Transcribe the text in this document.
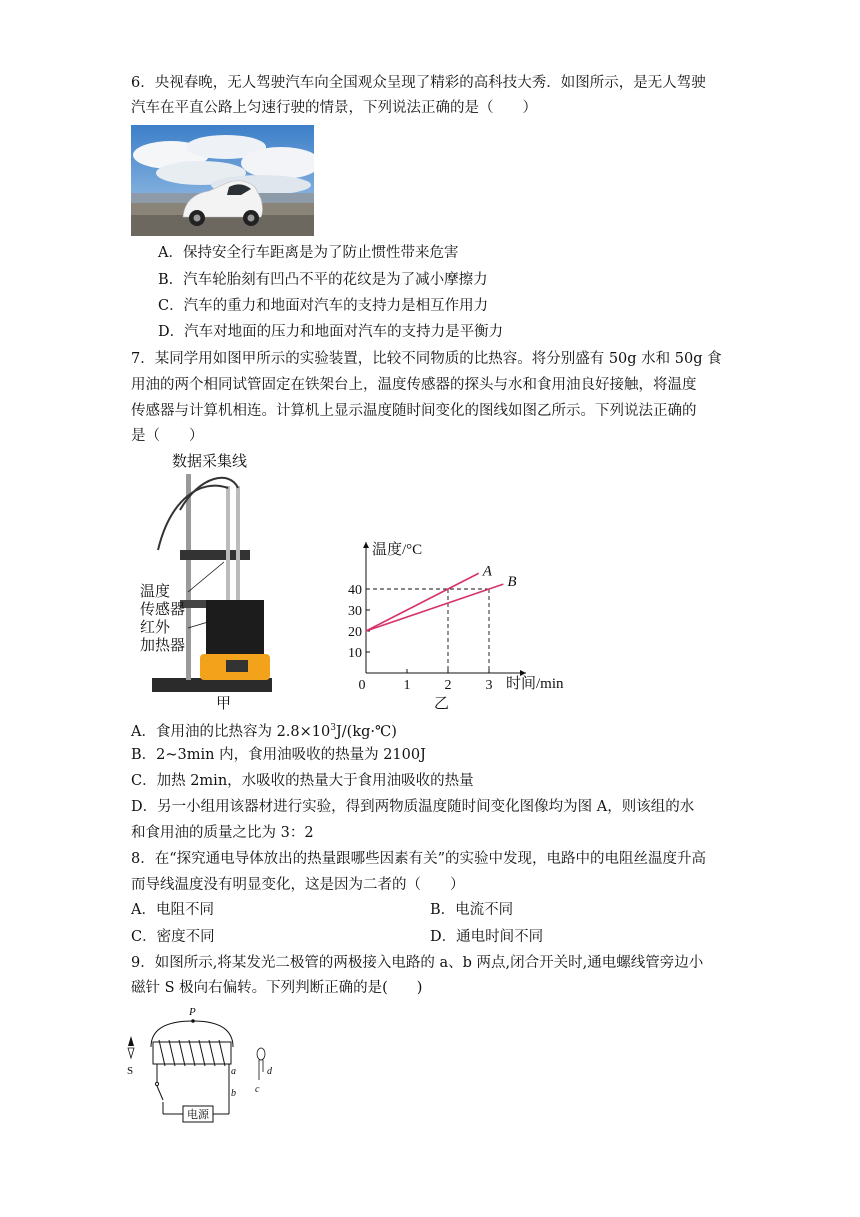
6．央视春晚，无人驾驶汽车向全国观众呈现了精彩的高科技大秀．如图所示，是无人驾驶
汽车在平直公路上匀速行驶的情景，下列说法正确的是（　　）
A．保持安全行车距离是为了防止惯性带来危害
B．汽车轮胎刻有凹凸不平的花纹是为了减小摩擦力
C．汽车的重力和地面对汽车的支持力是相互作用力
D．汽车对地面的压力和地面对汽车的支持力是平衡力
7．某同学用如图甲所示的实验装置，比较不同物质的比热容。将分别盛有 50g 水和 50g 食
用油的两个相同试管固定在铁架台上，温度传感器的探头与水和食用油良好接触，将温度
传感器与计算机相连。计算机上显示温度随时间变化的图线如图乙所示。下列说法正确的
是（　　）
数据采集线
温度
传感器
红外
加热器
甲
温度/°C
时间/min
乙
10
20
30
40
0	1 2 3
A
B
A．食用油的比热容为 $2.8\times 10^3J/(kg\cdot℃)$
B．2~3min 内，食用油吸收的热量为 2100J
C．加热 2min，水吸收的热量大于食用油吸收的热量
D．另一小组用该器材进行实验，得到两物质温度随时间变化图像均为图 A，则该组的水
和食用油的质量之比为 3：2
8．在“探究通电导体放出的热量跟哪些因素有关”的实验中发现，电路中的电阻丝温度升高
而导线温度没有明显变化，这是因为二者的（　　）
A．电阻不同	B．电流不同
C．密度不同	D．通电时间不同
9．如图所示,将某发光二极管的两极接入电路的 a、b 两点,闭合开关时,通电螺线管旁边小
磁针 S 极向右偏转。下列判断正确的是(　　)
P
电源
a
b
S	d
c
